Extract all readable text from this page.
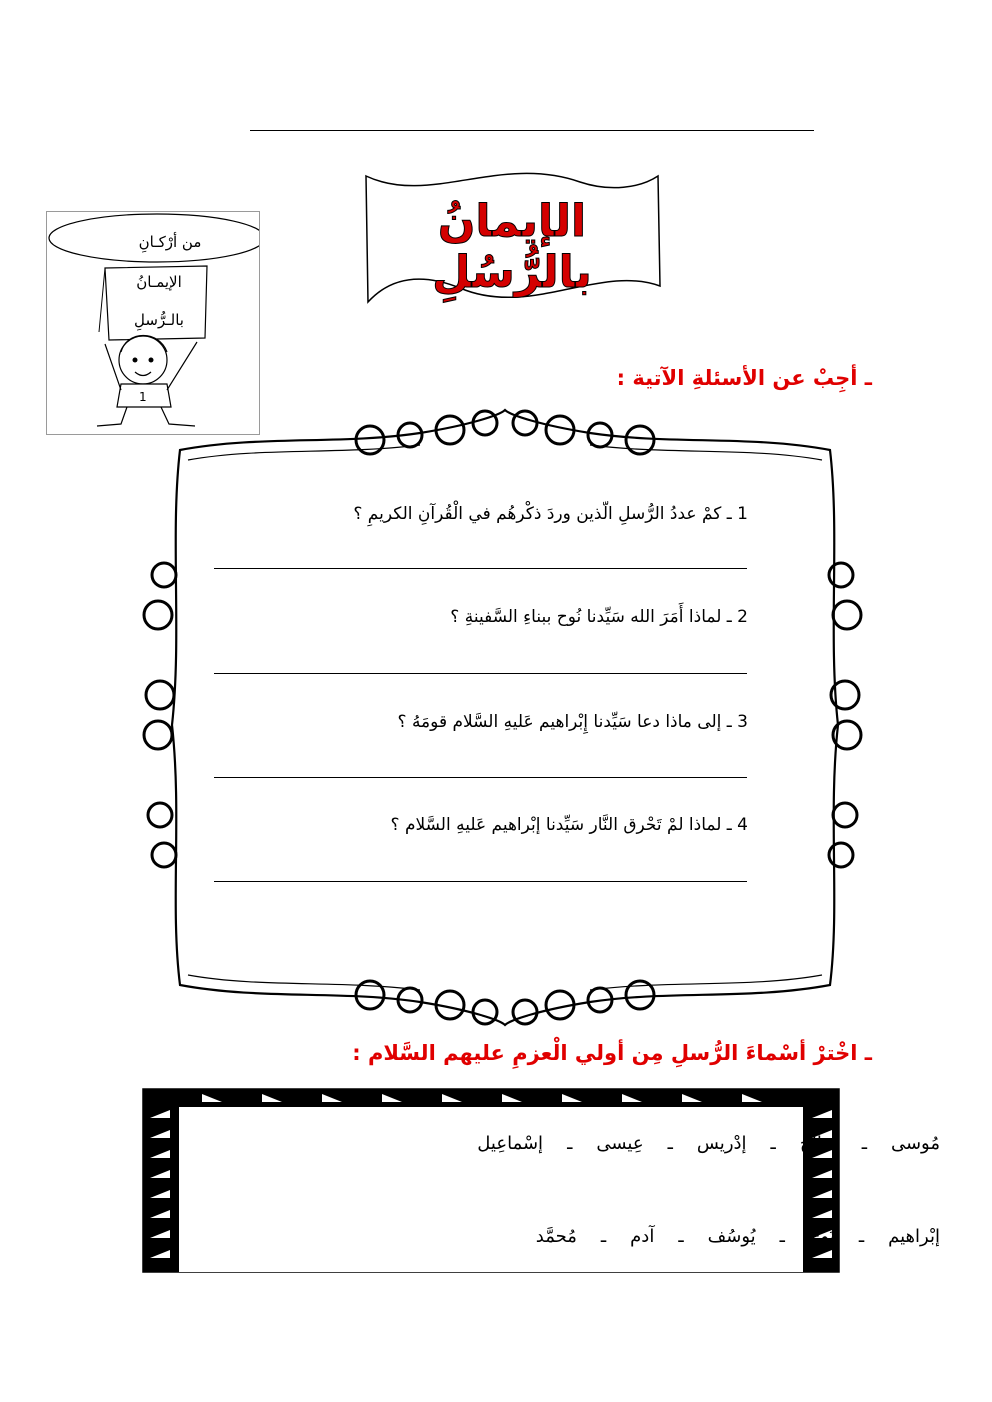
الإيمانُ بالرُّسُلِ
1
من أرْكـانِ
الإيمـانُ
بالـرُّسلِ
ـ أجِبْ عن الأسئلةِ الآتية :
1 ـ كمْ عددُ الرُّسلِ الّذين وردَ ذكْرهُم في الْقُرآنِ الكريمِ ؟
2 ـ لماذا أَمَرَ الله سَيِّدنا نُوح ببناءِ السَّفينةِ ؟
3 ـ إلى ماذا دعا سَيِّدنا إِبْراهيم عَليهِ السَّلام قومَهُ ؟
4 ـ لماذا لمْ تَحْرق النَّار سَيِّدنا إبْراهيم عَليهِ السَّلام ؟
ـ اخْترْ أسْماءَ الرُّسلِ مِن أولي الْعزمِ عليهم السَّلام :
مُوسى
ـ
صالح
ـ
إدْريس
ـ
عِيسى
ـ
إسْماعِيل
إبْراهيم
ـ
نُوح
ـ
يُوسُف
ـ
آدم
ـ
مُحمَّد
